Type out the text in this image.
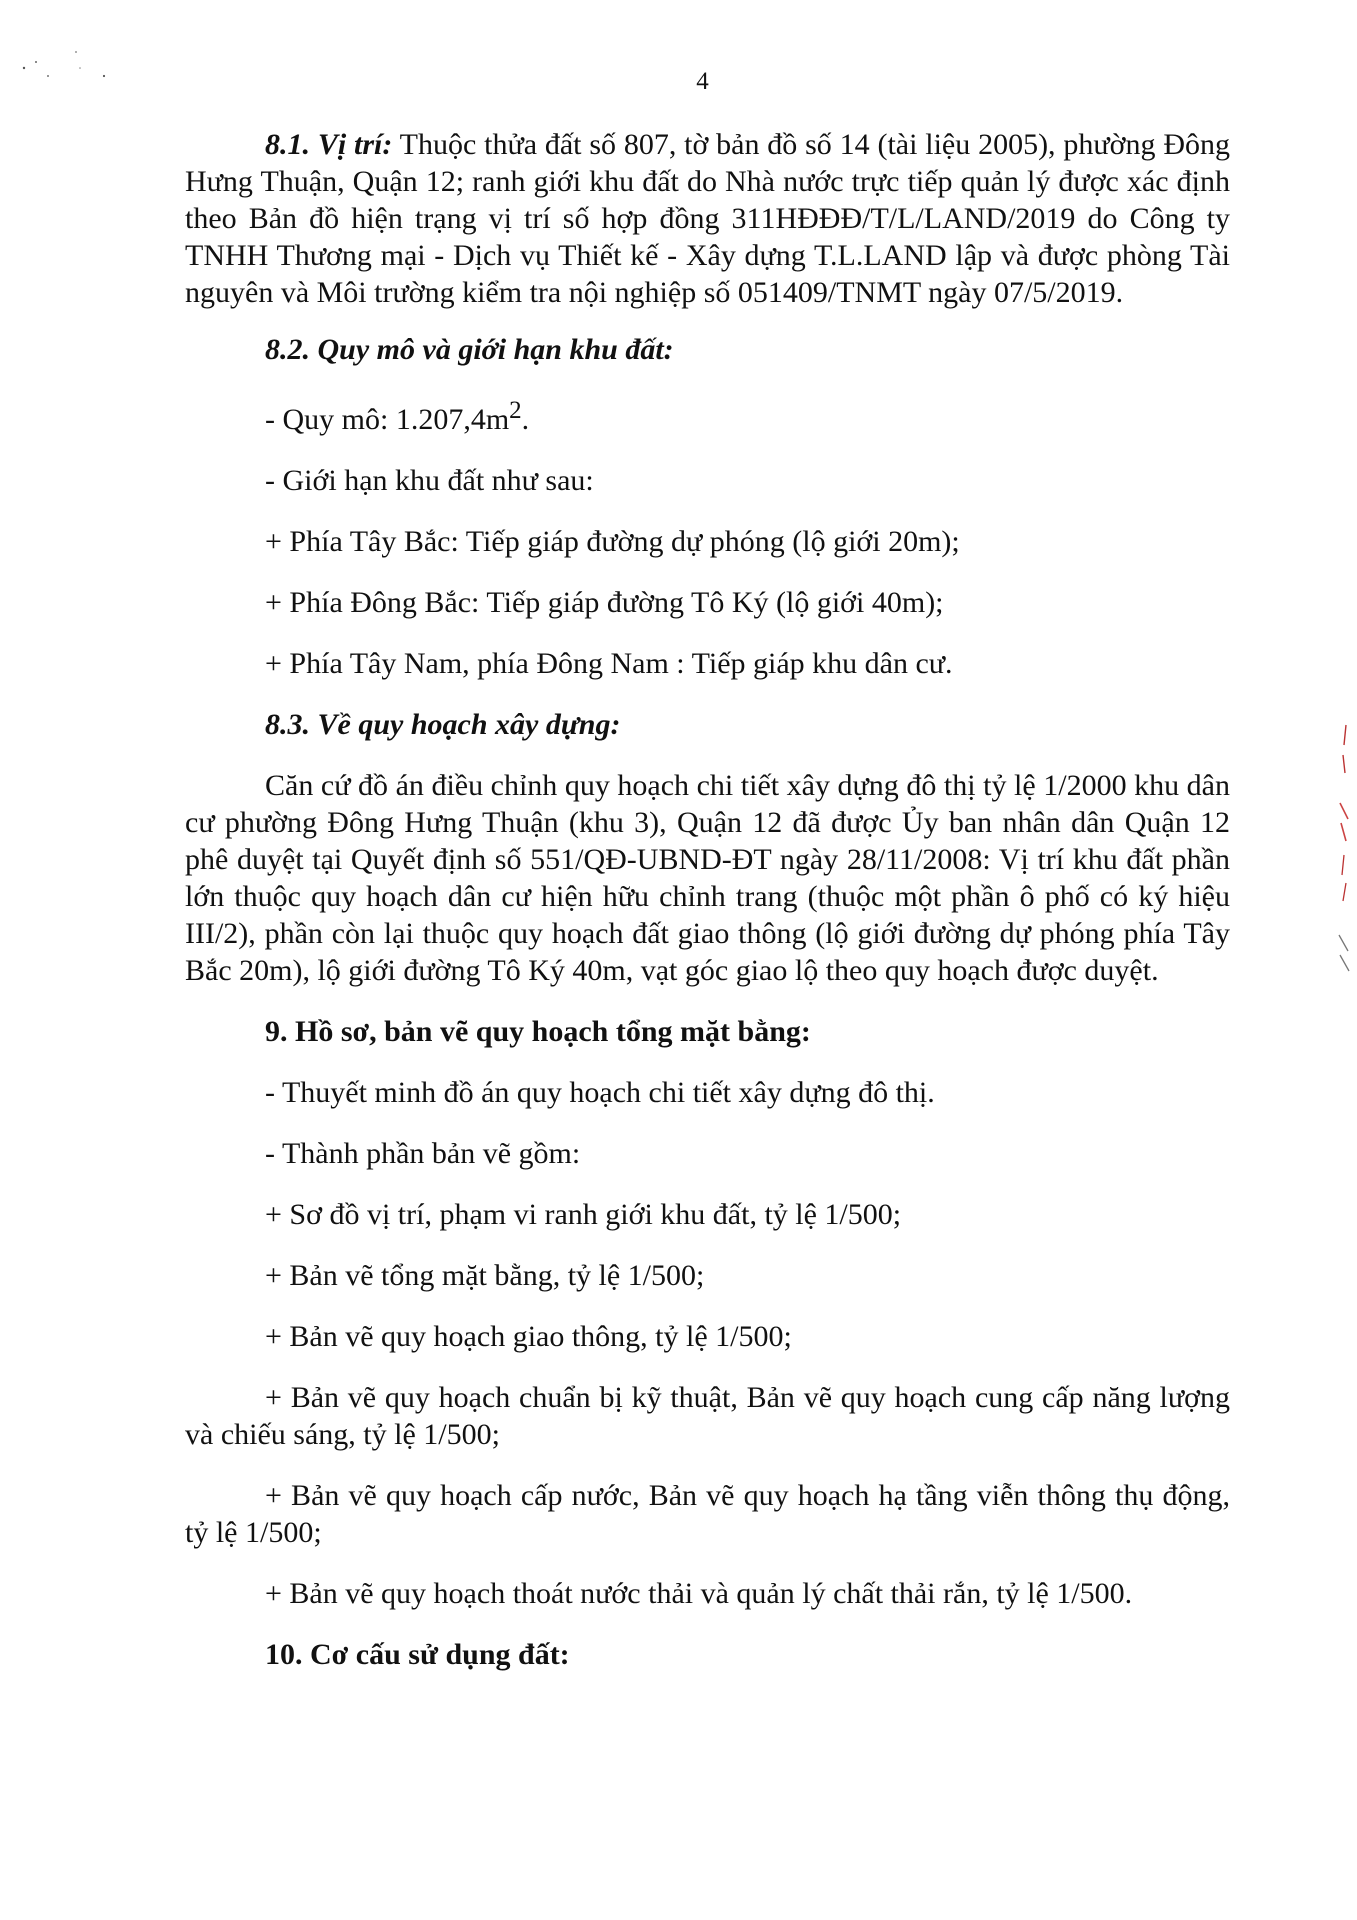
4

8.1. Vị trí: Thuộc thửa đất số 807, tờ bản đồ số 14 (tài liệu 2005), phường Đông Hưng Thuận, Quận 12; ranh giới khu đất do Nhà nước trực tiếp quản lý được xác định theo Bản đồ hiện trạng vị trí số hợp đồng 311HĐĐĐ/T/L/LAND/2019 do Công ty TNHH Thương mại - Dịch vụ Thiết kế - Xây dựng T.L.LAND lập và được phòng Tài nguyên và Môi trường kiểm tra nội nghiệp số 051409/TNMT ngày 07/5/2019.

8.2. Quy mô và giới hạn khu đất:

- Quy mô: $1.207,4m^2$.

- Giới hạn khu đất như sau:

+ Phía Tây Bắc: Tiếp giáp đường dự phóng (lộ giới 20m);

+ Phía Đông Bắc: Tiếp giáp đường Tô Ký (lộ giới 40m);

+ Phía Tây Nam, phía Đông Nam : Tiếp giáp khu dân cư.

8.3. Về quy hoạch xây dựng:

Căn cứ đồ án điều chỉnh quy hoạch chi tiết xây dựng đô thị tỷ lệ 1/2000 khu dân cư phường Đông Hưng Thuận (khu 3), Quận 12 đã được Ủy ban nhân dân Quận 12 phê duyệt tại Quyết định số 551/QĐ-UBND-ĐT ngày 28/11/2008: Vị trí khu đất phần lớn thuộc quy hoạch dân cư hiện hữu chỉnh trang (thuộc một phần ô phố có ký hiệu III/2), phần còn lại thuộc quy hoạch đất giao thông (lộ giới đường dự phóng phía Tây Bắc 20m), lộ giới đường Tô Ký 40m, vạt góc giao lộ theo quy hoạch được duyệt.

9. Hồ sơ, bản vẽ quy hoạch tổng mặt bằng:

- Thuyết minh đồ án quy hoạch chi tiết xây dựng đô thị.

- Thành phần bản vẽ gồm:

+ Sơ đồ vị trí, phạm vi ranh giới khu đất, tỷ lệ 1/500;

+ Bản vẽ tổng mặt bằng, tỷ lệ 1/500;

+ Bản vẽ quy hoạch giao thông, tỷ lệ 1/500;

+ Bản vẽ quy hoạch chuẩn bị kỹ thuật, Bản vẽ quy hoạch cung cấp năng lượng và chiếu sáng, tỷ lệ 1/500;

+ Bản vẽ quy hoạch cấp nước, Bản vẽ quy hoạch hạ tầng viễn thông thụ động, tỷ lệ 1/500;

+ Bản vẽ quy hoạch thoát nước thải và quản lý chất thải rắn, tỷ lệ 1/500.

10. Cơ cấu sử dụng đất:
